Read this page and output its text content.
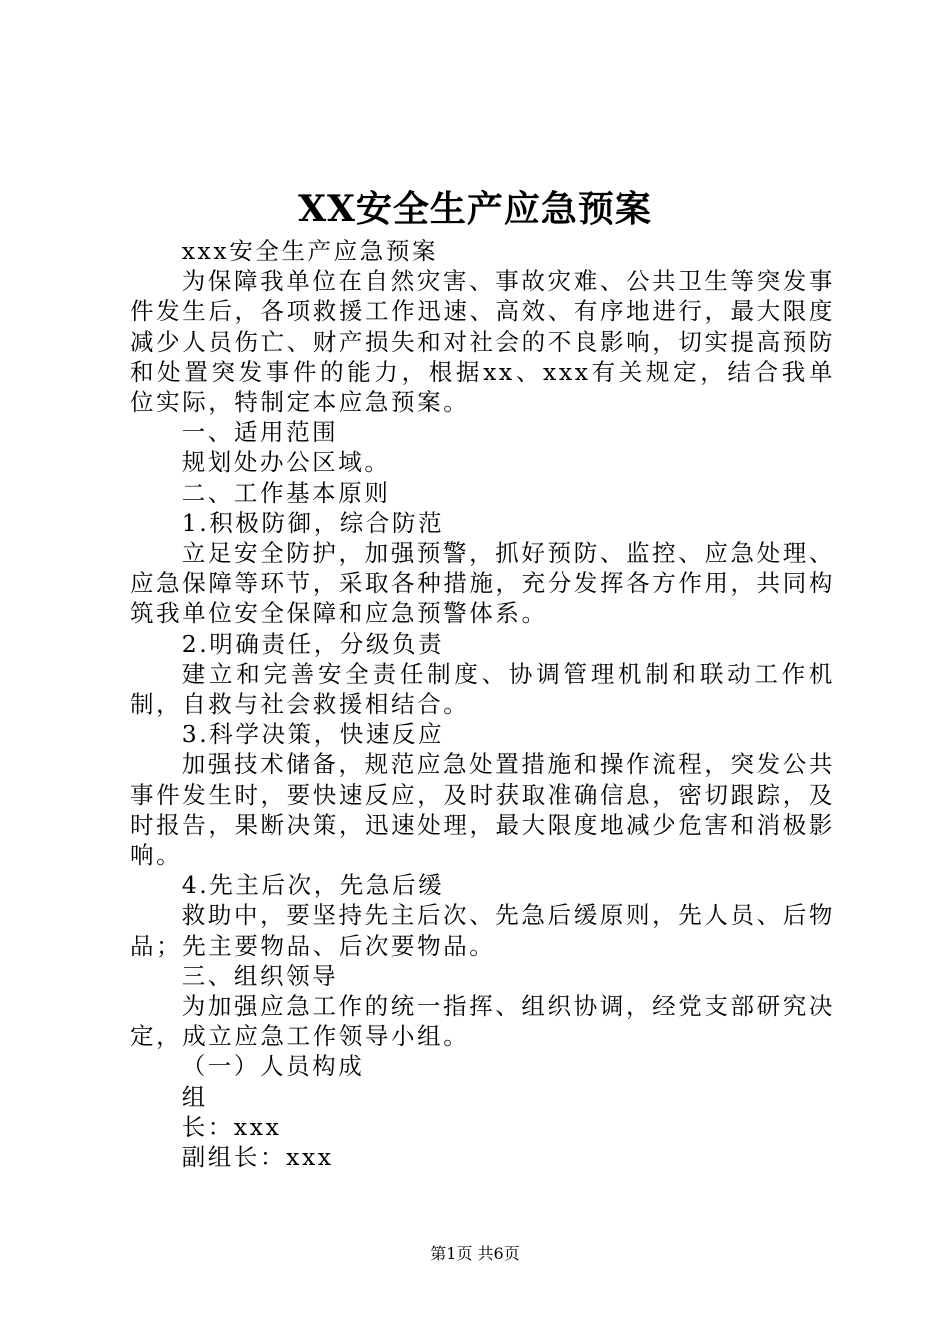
XX安全生产应急预案

xxx安全生产应急预案

为保障我单位在自然灾害、事故灾难、公共卫生等突发事件发生后，各项救援工作迅速、高效、有序地进行，最大限度减少人员伤亡、财产损失和对社会的不良影响，切实提高预防和处置突发事件的能力，根据xx、xxx有关规定，结合我单位实际，特制定本应急预案。

一、适用范围

规划处办公区域。

二、工作基本原则

1.积极防御，综合防范

立足安全防护，加强预警，抓好预防、监控、应急处理、应急保障等环节，采取各种措施，充分发挥各方作用，共同构筑我单位安全保障和应急预警体系。

2.明确责任，分级负责

建立和完善安全责任制度、协调管理机制和联动工作机制，自救与社会救援相结合。

3.科学决策，快速反应

加强技术储备，规范应急处置措施和操作流程，突发公共事件发生时，要快速反应，及时获取准确信息，密切跟踪，及时报告，果断决策，迅速处理，最大限度地减少危害和消极影响。

4.先主后次，先急后缓

救助中，要坚持先主后次、先急后缓原则，先人员、后物品；先主要物品、后次要物品。

三、组织领导

为加强应急工作的统一指挥、组织协调，经党支部研究决定，成立应急工作领导小组。

（一）人员构成

组

长：xxx

副组长：xxx

第1页 共6页
